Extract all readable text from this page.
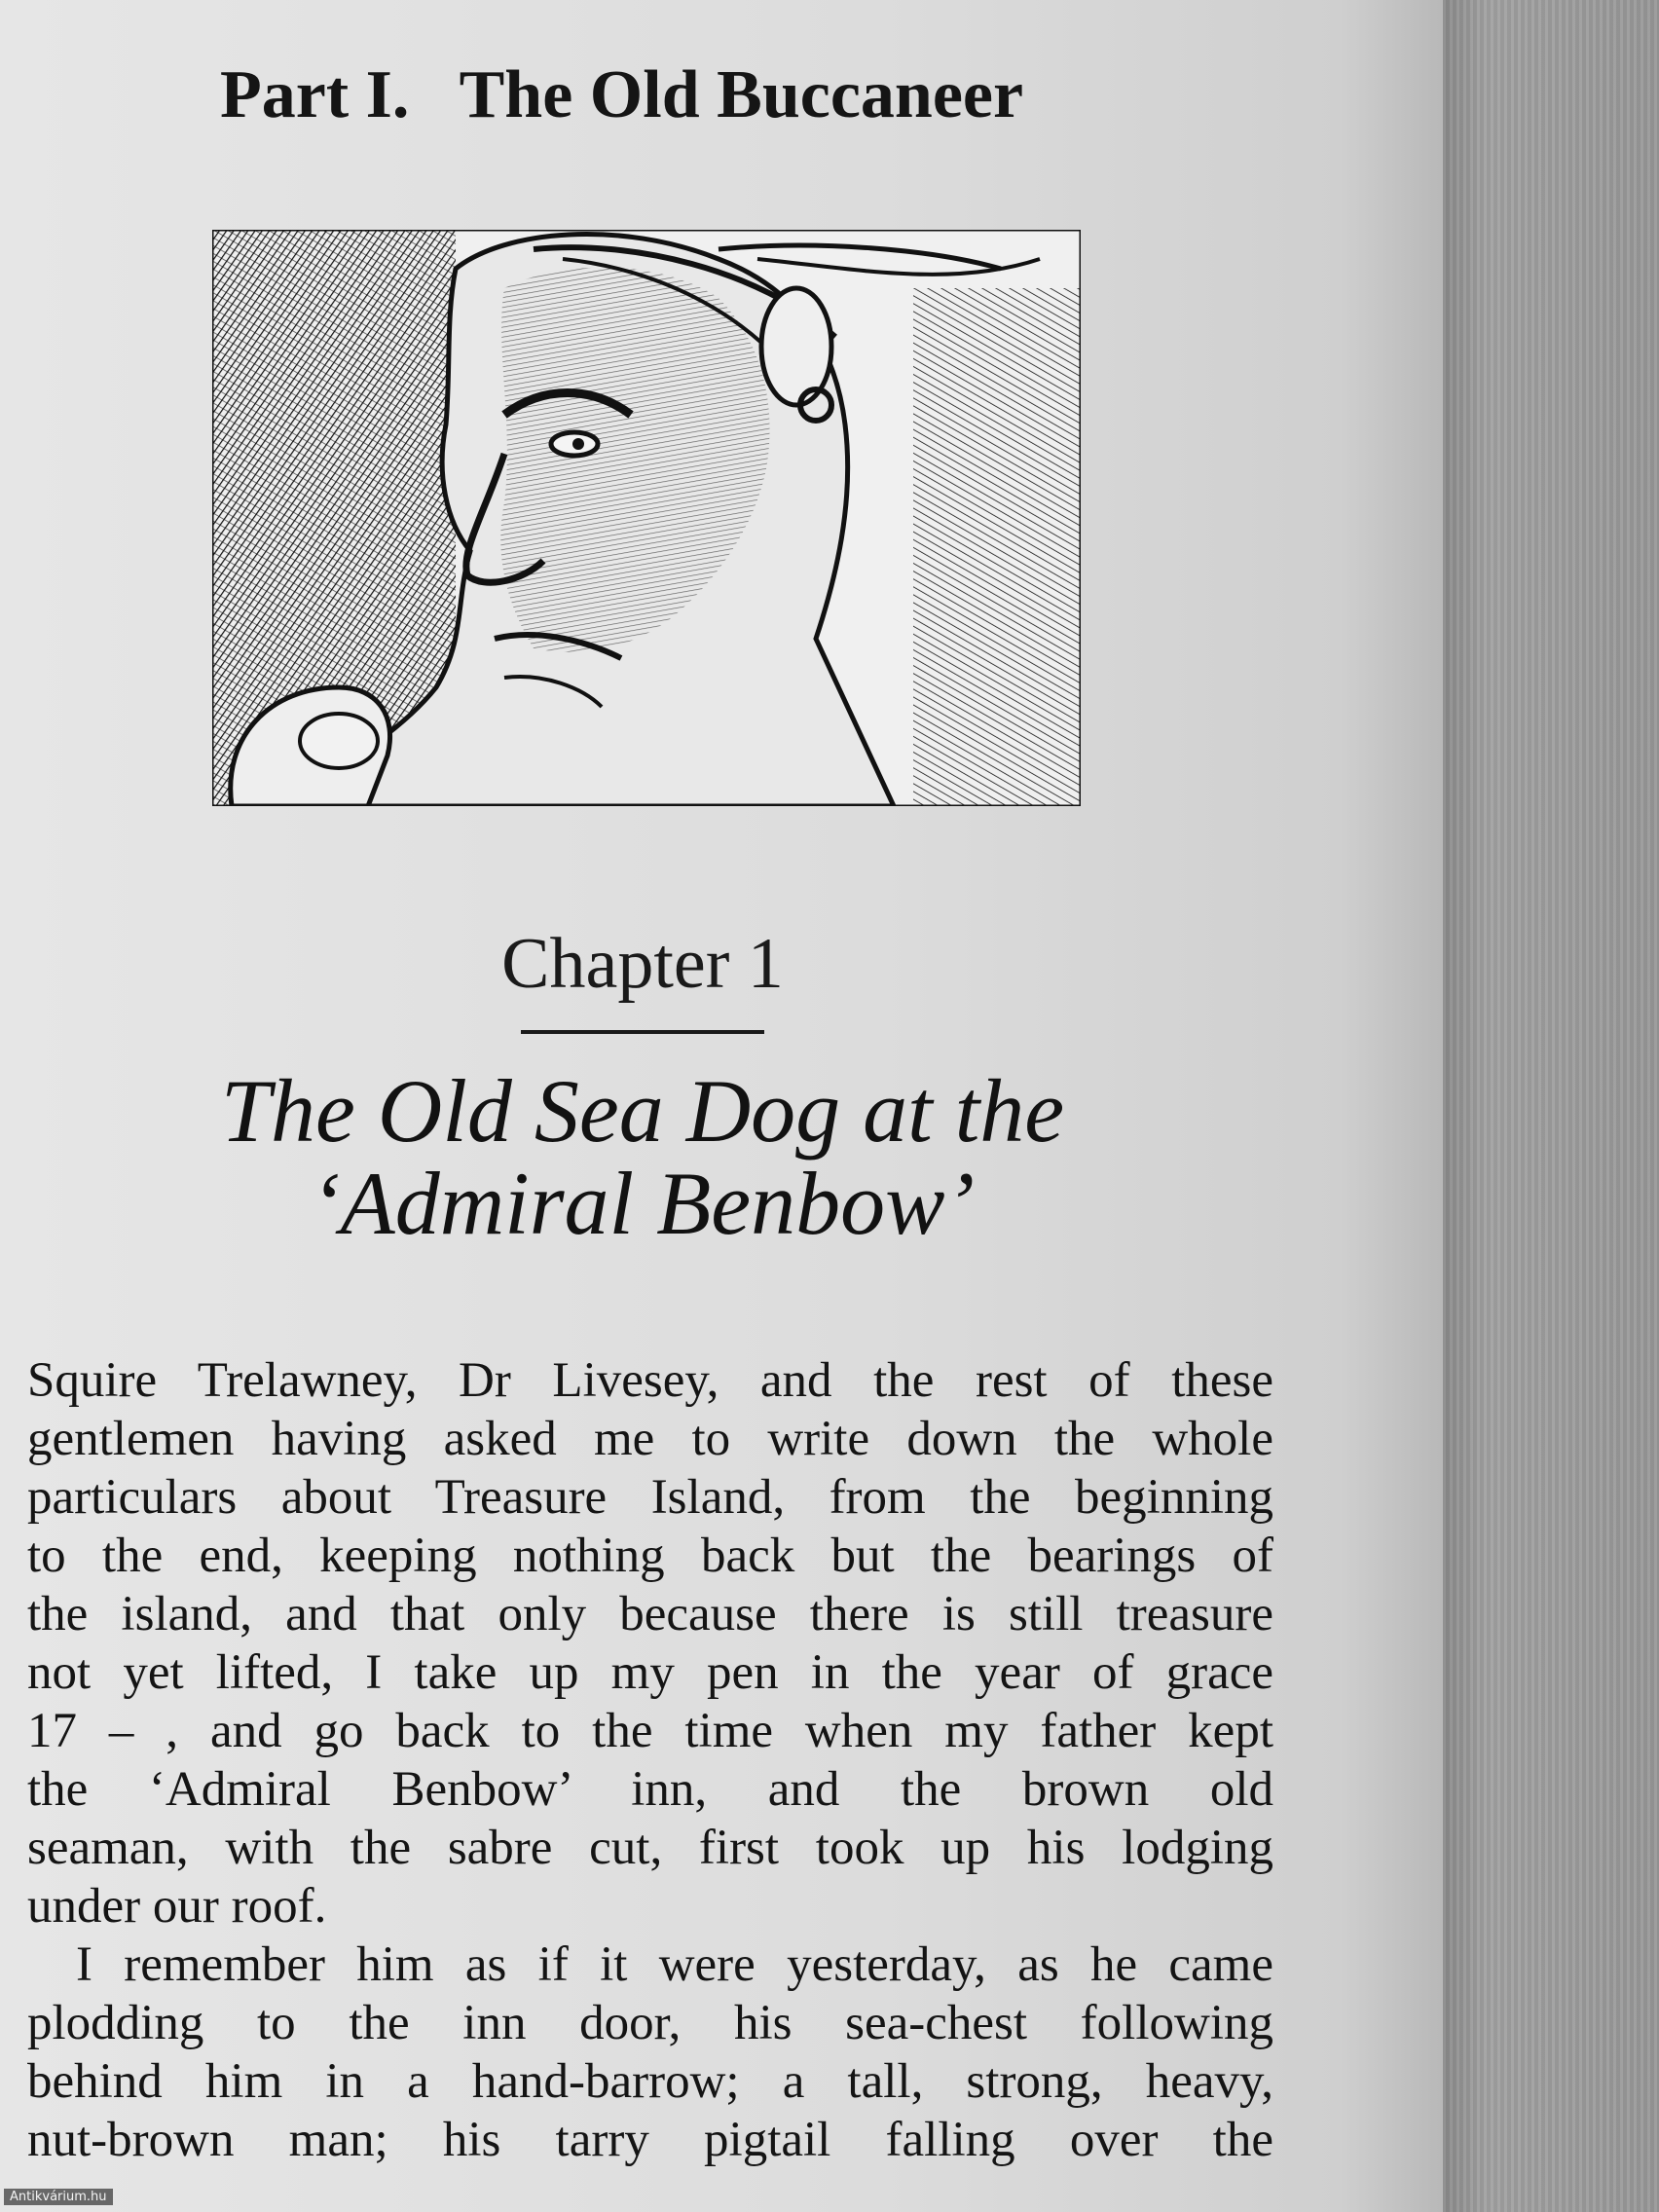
Part I.   The Old Buccaneer
Chapter 1
The Old Sea Dog at the
‘Admiral Benbow’
Squire Trelawney, Dr Livesey, and the rest of these
gentlemen having asked me to write down the whole
particulars about Treasure Island, from the beginning
to the end, keeping nothing back but the bearings of
the island, and that only because there is still treasure
not yet lifted, I take up my pen in the year of grace
17 – , and go back to the time when my father kept
the ‘Admiral Benbow’ inn, and the brown old
seaman, with the sabre cut, first took up his lodging
under our roof.
I remember him as if it were yesterday, as he came
plodding to the inn door, his sea-chest following
behind him in a hand-barrow; a tall, strong, heavy,
nut-brown man; his tarry pigtail falling over the
Antikvárium.hu
